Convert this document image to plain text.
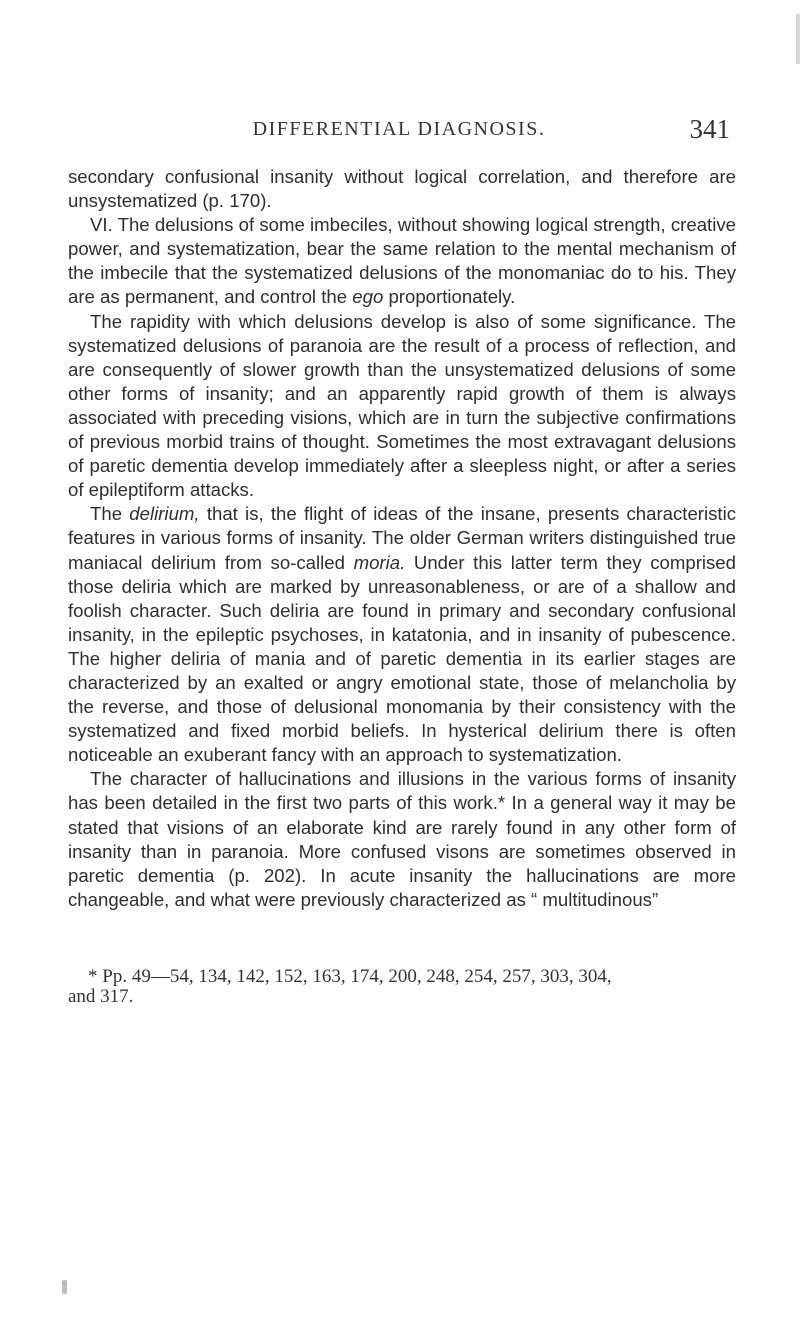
DIFFERENTIAL DIAGNOSIS.	341

secondary confusional insanity without logical correlation, and therefore are unsystematized (p. 170).

VI. The delusions of some imbeciles, without showing logical strength, creative power, and systematization, bear the same relation to the mental mechanism of the imbecile that the systematized delusions of the monomaniac do to his. They are as permanent, and control the ego proportionately.

The rapidity with which delusions develop is also of some significance. The systematized delusions of paranoia are the result of a process of reflection, and are consequently of slower growth than the unsystematized delusions of some other forms of insanity; and an apparently rapid growth of them is always associated with preceding visions, which are in turn the subjective confirmations of previous morbid trains of thought. Sometimes the most extravagant delusions of paretic dementia develop immediately after a sleepless night, or after a series of epileptiform attacks.

The delirium, that is, the flight of ideas of the insane, presents characteristic features in various forms of insanity. The older German writers distinguished true maniacal delirium from so-called moria. Under this latter term they comprised those deliria which are marked by unreasonableness, or are of a shallow and foolish character. Such deliria are found in primary and secondary confusional insanity, in the epileptic psychoses, in katatonia, and in insanity of pubescence. The higher deliria of mania and of paretic dementia in its earlier stages are characterized by an exalted or angry emotional state, those of melancholia by the reverse, and those of delusional monomania by their consistency with the systematized and fixed morbid beliefs. In hysterical delirium there is often noticeable an exuberant fancy with an approach to systematization.

The character of hallucinations and illusions in the various forms of insanity has been detailed in the first two parts of this work.* In a general way it may be stated that visions of an elaborate kind are rarely found in any other form of insanity than in paranoia. More confused visons are sometimes observed in paretic dementia (p. 202). In acute insanity the hallucinations are more changeable, and what were previously characterized as “ multitudinous”

* Pp. 49—54, 134, 142, 152, 163, 174, 200, 248, 254, 257, 303, 304,
and 317.
